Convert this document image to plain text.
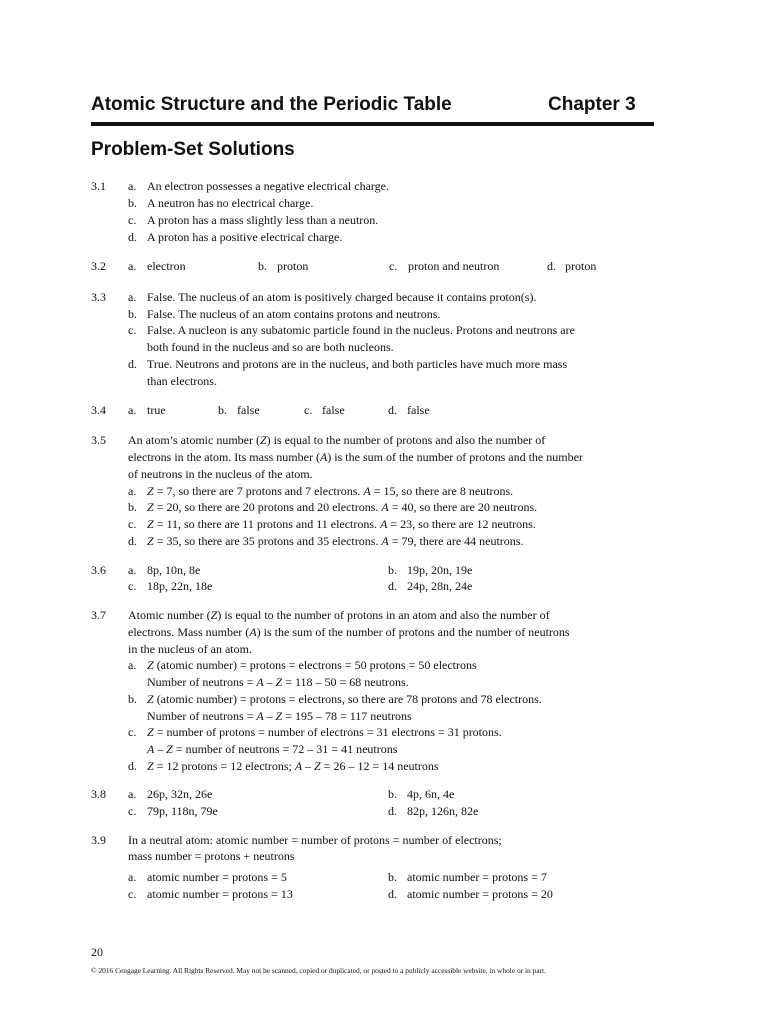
Atomic Structure and the Periodic Table	Chapter 3
Problem-Set Solutions
3.1 a. An electron possesses a negative electrical charge.
b. A neutron has no electrical charge.
c. A proton has a mass slightly less than a neutron.
d. A proton has a positive electrical charge.
3.2 a. electron	b. proton	c. proton and neutron	d. proton
3.3 a. False. The nucleus of an atom is positively charged because it contains proton(s).
b. False. The nucleus of an atom contains protons and neutrons.
c. False. A nucleon is any subatomic particle found in the nucleus. Protons and neutrons are
both found in the nucleus and so are both nucleons.
d. True. Neutrons and protons are in the nucleus, and both particles have much more mass
than electrons.
3.4 a. true	b. false	c. false	d. false
3.5 An atom’s atomic number (Z) is equal to the number of protons and also the number of
electrons in the atom. Its mass number (A) is the sum of the number of protons and the number
of neutrons in the nucleus of the atom.
a. Z = 7, so there are 7 protons and 7 electrons. A = 15, so there are 8 neutrons.
b. Z = 20, so there are 20 protons and 20 electrons. A = 40, so there are 20 neutrons.
c. Z = 11, so there are 11 protons and 11 electrons. A = 23, so there are 12 neutrons.
d. Z = 35, so there are 35 protons and 35 electrons. A = 79, there are 44 neutrons.
3.6 a. 8p, 10n, 8e	b. 19p, 20n, 19e
c. 18p, 22n, 18e	d. 24p, 28n, 24e
3.7 Atomic number (Z) is equal to the number of protons in an atom and also the number of
electrons. Mass number (A) is the sum of the number of protons and the number of neutrons
in the nucleus of an atom.
a. Z (atomic number) = protons = electrons = 50 protons = 50 electrons
Number of neutrons = A – Z = 118 – 50 = 68 neutrons.
b. Z (atomic number) = protons = electrons, so there are 78 protons and 78 electrons.
Number of neutrons = A – Z = 195 – 78 = 117 neutrons
c. Z = number of protons = number of electrons = 31 electrons = 31 protons.
A – Z = number of neutrons = 72 – 31 = 41 neutrons
d. Z = 12 protons = 12 electrons; A – Z = 26 – 12 = 14 neutrons
3.8 a. 26p, 32n, 26e	b. 4p, 6n, 4e
c. 79p, 118n, 79e	d. 82p, 126n, 82e
3.9 In a neutral atom: atomic number = number of protons = number of electrons;
mass number = protons + neutrons
a. atomic number = protons = 5	b. atomic number = protons = 7
c. atomic number = protons = 13	d. atomic number = protons = 20
20
© 2016 Cengage Learning. All Rights Reserved. May not be scanned, copied or duplicated, or posted to a publicly accessible website, in whole or in part.
